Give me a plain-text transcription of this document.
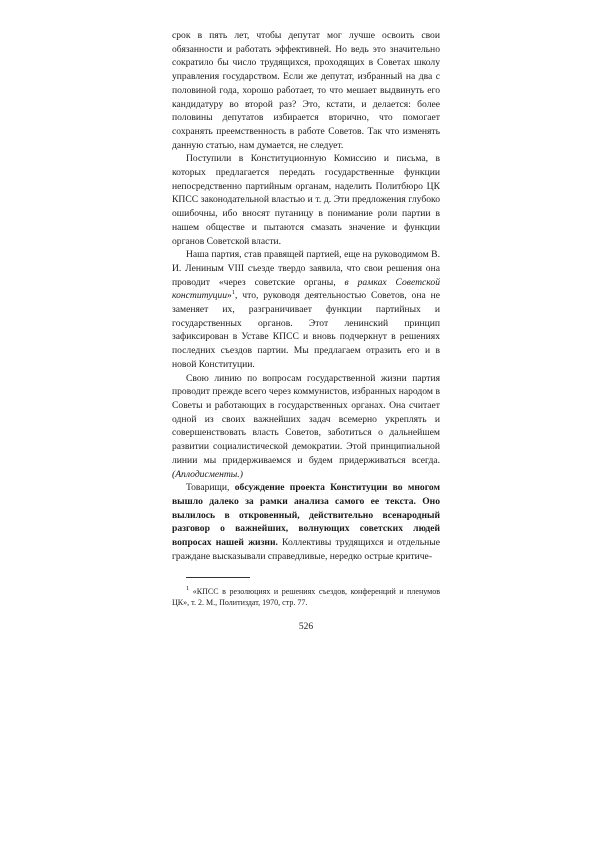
срок в пять лет, чтобы депутат мог лучше освоить свои обязанности и работать эффективней. Но ведь это значительно сократило бы число трудящихся, проходящих в Советах школу управления государством. Если же депутат, избранный на два с половиной года, хорошо работает, то что мешает выдвинуть его кандидатуру во второй раз? Это, кстати, и делается: более половины депутатов избирается вторично, что помогает сохранять преемственность в работе Советов. Так что изменять данную статью, нам думается, не следует.

Поступили в Конституционную Комиссию и письма, в которых предлагается передать государственные функции непосредственно партийным органам, наделить Политбюро ЦК КПСС законодательной властью и т. д. Эти предложения глубоко ошибочны, ибо вносят путаницу в понимание роли партии в нашем обществе и пытаются смазать значение и функции органов Советской власти.

Наша партия, став правящей партией, еще на руководимом В. И. Лениным VIII съезде твердо заявила, что свои решения она проводит «через советские органы, в рамках Советской конституции»$^1$, что, руководя деятельностью Советов, она не заменяет их, разграничивает функции партийных и государственных органов. Этот ленинский принцип зафиксирован в Уставе КПСС и вновь подчеркнут в решениях последних съездов партии. Мы предлагаем отразить его и в новой Конституции.

Свою линию по вопросам государственной жизни партия проводит прежде всего через коммунистов, избранных народом в Советы и работающих в государственных органах. Она считает одной из своих важнейших задач всемерно укреплять и совершенствовать власть Советов, заботиться о дальнейшем развитии социалистической демократии. Этой принципиальной линии мы придерживаемся и будем придерживаться всегда. (Аплодисменты.)

Товарищи, обсуждение проекта Конституции во многом вышло далеко за рамки анализа самого ее текста. Оно вылилось в откровенный, действительно всенародный разговор о важнейших, волнующих советских людей вопросах нашей жизни. Коллективы трудящихся и отдельные граждане высказывали справедливые, нередко острые критиче-

$^1$ «КПСС в резолюциях и решениях съездов, конференций и пленумов ЦК», т. 2. М., Политиздат, 1970, стр. 77.

526
